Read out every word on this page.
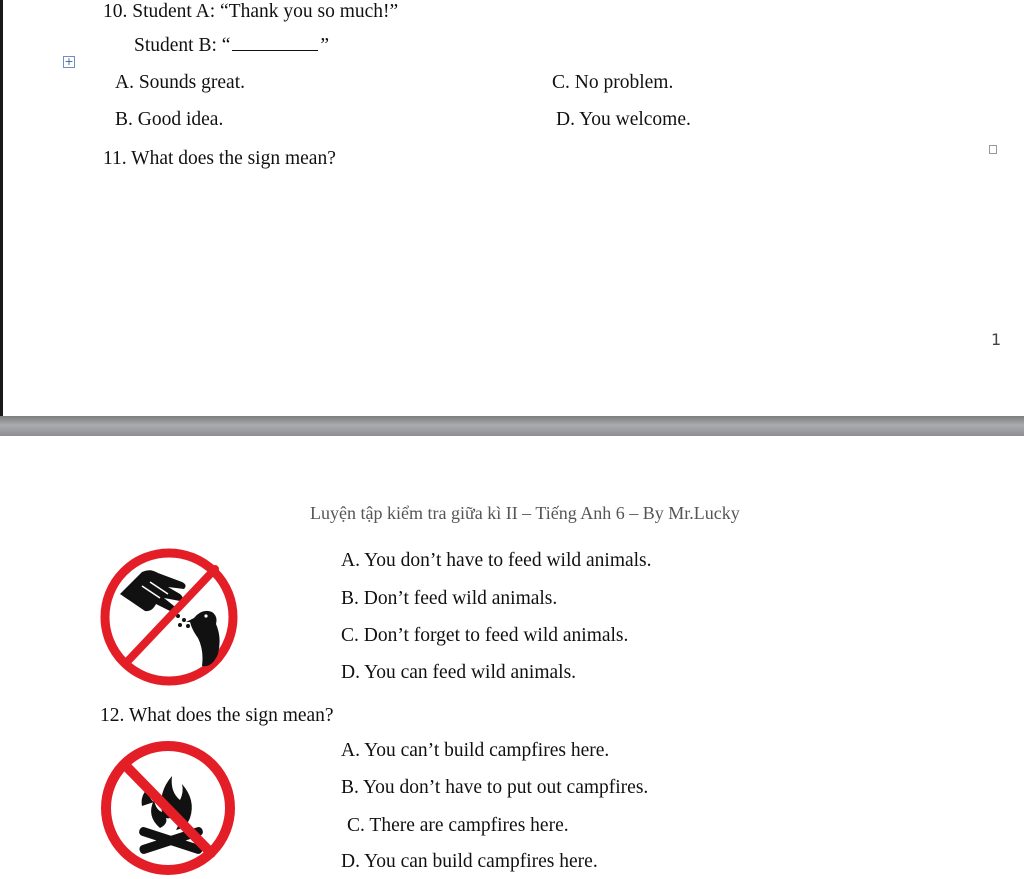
10. Student A: “Thank you so much!”
Student B: “	”
+
A. Sounds great.	C. No problem.
B. Good idea.	D. You welcome.
11. What does the sign mean?
1
Luyện tập kiểm tra giữa kì II – Tiếng Anh 6 – By Mr.Lucky
A. You don’t have to feed wild animals.
B. Don’t feed wild animals.
C. Don’t forget to feed wild animals.
D. You can feed wild animals.
12. What does the sign mean?
A. You can’t build campfires here.
B. You don’t have to put out campfires.
C. There are campfires here.
D. You can build campfires here.
